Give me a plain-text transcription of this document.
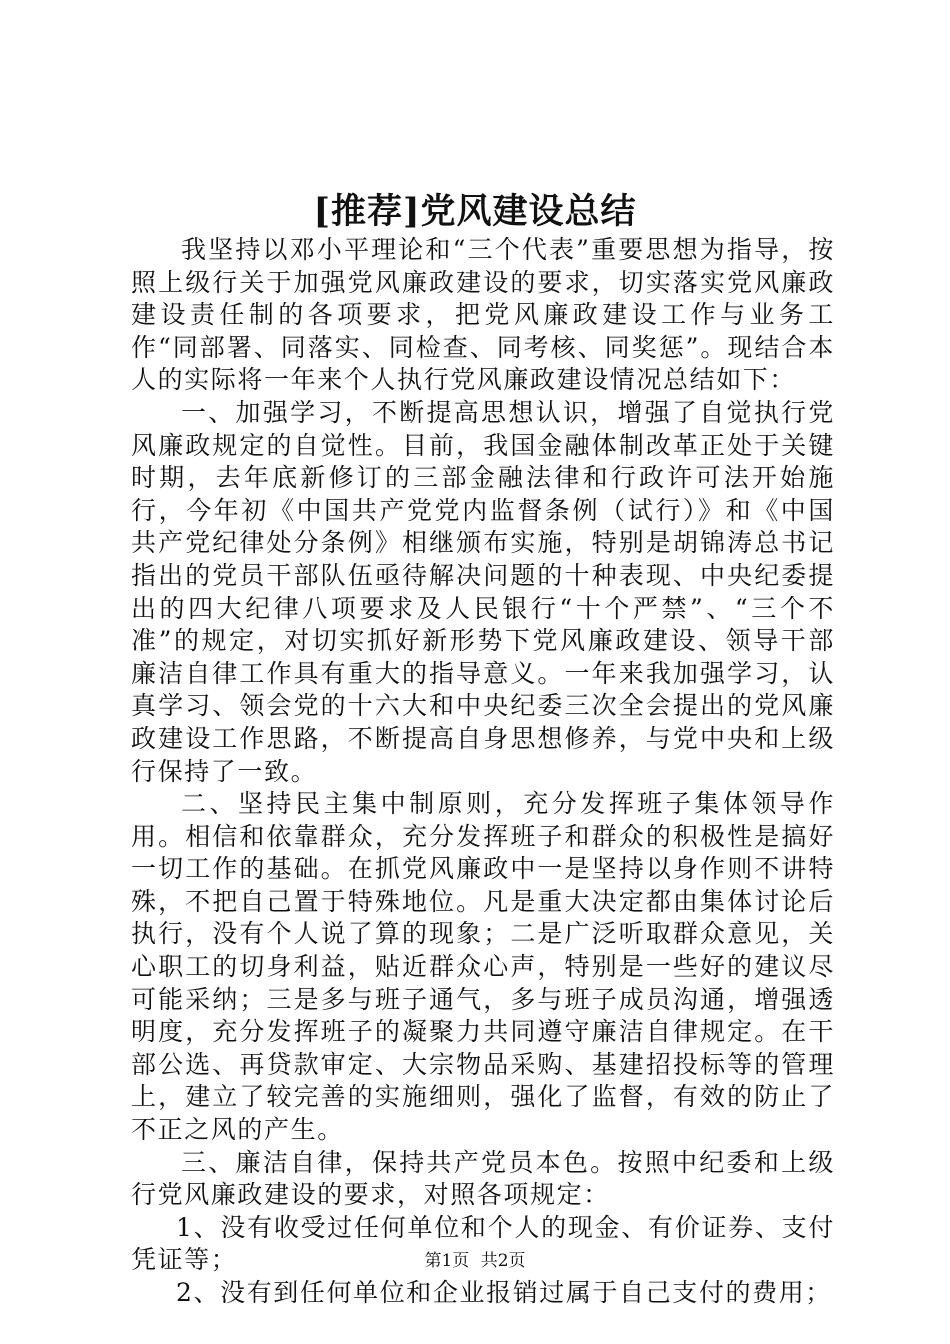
[推荐]党风建设总结

我坚持以邓小平理论和“三个代表”重要思想为指导，按照上级行关于加强党风廉政建设的要求，切实落实党风廉政建设责任制的各项要求，把党风廉政建设工作与业务工作“同部署、同落实、同检查、同考核、同奖惩”。现结合本人的实际将一年来个人执行党风廉政建设情况总结如下：

一、加强学习，不断提高思想认识，增强了自觉执行党风廉政规定的自觉性。目前，我国金融体制改革正处于关键时期，去年底新修订的三部金融法律和行政许可法开始施行，今年初《中国共产党党内监督条例（试行）》和《中国共产党纪律处分条例》相继颁布实施，特别是胡锦涛总书记指出的党员干部队伍亟待解决问题的十种表现、中央纪委提出的四大纪律八项要求及人民银行“十个严禁”、“三个不准”的规定，对切实抓好新形势下党风廉政建设、领导干部廉洁自律工作具有重大的指导意义。一年来我加强学习，认真学习、领会党的十六大和中央纪委三次全会提出的党风廉政建设工作思路，不断提高自身思想修养，与党中央和上级行保持了一致。

二、坚持民主集中制原则，充分发挥班子集体领导作用。相信和依靠群众，充分发挥班子和群众的积极性是搞好一切工作的基础。在抓党风廉政中一是坚持以身作则不讲特殊，不把自己置于特殊地位。凡是重大决定都由集体讨论后执行，没有个人说了算的现象；二是广泛听取群众意见，关心职工的切身利益，贴近群众心声，特别是一些好的建议尽可能采纳；三是多与班子通气，多与班子成员沟通，增强透明度，充分发挥班子的凝聚力共同遵守廉洁自律规定。在干部公选、再贷款审定、大宗物品采购、基建招投标等的管理上，建立了较完善的实施细则，强化了监督，有效的防止了不正之风的产生。

三、廉洁自律，保持共产党员本色。按照中纪委和上级行党风廉政建设的要求，对照各项规定：

1、没有收受过任何单位和个人的现金、有价证券、支付凭证等；

2、没有到任何单位和企业报销过属于自己支付的费用；

第1页 共2页
